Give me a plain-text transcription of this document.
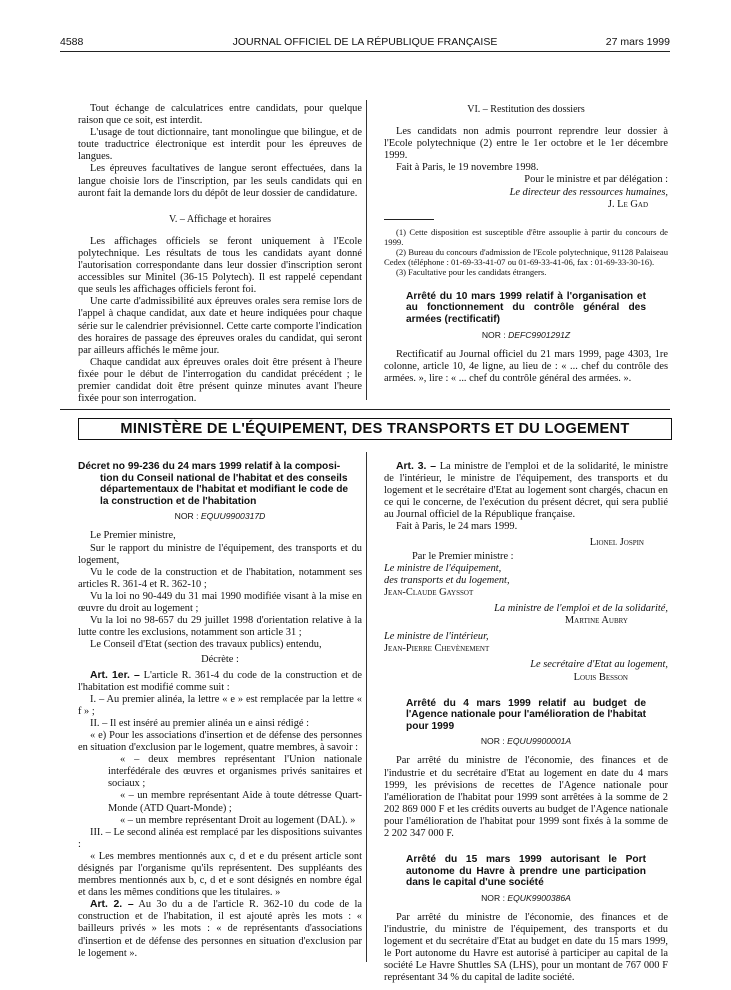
4588	JOURNAL OFFICIEL DE LA RÉPUBLIQUE FRANÇAISE	27 mars 1999

Tout échange de calculatrices entre candidats, pour quelque raison que ce soit, est interdit.

L'usage de tout dictionnaire, tant monolingue que bilingue, et de toute traductrice électronique est interdit pour les épreuves de langues.

Les épreuves facultatives de langue seront effectuées, dans la langue choisie lors de l'inscription, par les seuls candidats qui en auront fait la demande lors du dépôt de leur dossier de candidature.

V. – Affichage et horaires

Les affichages officiels se feront uniquement à l'Ecole polytechnique. Les résultats de tous les candidats ayant donné l'autorisation correspondante dans leur dossier d'inscription seront accessibles sur Minitel (36-15 Polytech). Il est rappelé cependant que seuls les affichages officiels feront foi.

Une carte d'admissibilité aux épreuves orales sera remise lors de l'appel à chaque candidat, aux date et heure indiquées pour chaque série sur le calendrier prévisionnel. Cette carte comporte l'indication des horaires de passage des épreuves orales du candidat, qui seront par ailleurs affichés le même jour.

Chaque candidat aux épreuves orales doit être présent à l'heure fixée pour le début de l'interrogation du candidat précédent ; le premier candidat doit être présent quinze minutes avant l'heure fixée pour son interrogation.

VI. – Restitution des dossiers

Les candidats non admis pourront reprendre leur dossier à l'Ecole polytechnique (2) entre le 1er octobre et le 1er décembre 1999.

Fait à Paris, le 19 novembre 1998.

Pour le ministre et par délégation :
Le directeur des ressources humaines,
J. Le Gad

(1) Cette disposition est susceptible d'être assouplie à partir du concours de 1999.

(2) Bureau du concours d'admission de l'Ecole polytechnique, 91128 Palaiseau Cedex (téléphone : 01-69-33-41-07 ou 01-69-33-41-06, fax : 01-69-33-30-16).

(3) Facultative pour les candidats étrangers.

Arrêté du 10 mars 1999 relatif à l'organisation et au fonctionnement du contrôle général des armées (rectificatif)
NOR : DEFC9901291Z

Rectificatif au Journal officiel du 21 mars 1999, page 4303, 1re colonne, article 10, 4e ligne, au lieu de : « ... chef du contrôle des armées. », lire : « ... chef du contrôle général des armées. ».

MINISTÈRE DE L'ÉQUIPEMENT, DES TRANSPORTS ET DU LOGEMENT
Décret no 99-236 du 24 mars 1999 relatif à la composi-
tion du Conseil national de l'habitat et des conseils
départementaux de l'habitat et modifiant le code de
la construction et de l'habitation
NOR : EQUU9900317D

Le Premier ministre,

Sur le rapport du ministre de l'équipement, des transports et du logement,

Vu le code de la construction et de l'habitation, notamment ses articles R. 361-4 et R. 362-10 ;

Vu la loi no 90-449 du 31 mai 1990 modifiée visant à la mise en œuvre du droit au logement ;

Vu la loi no 98-657 du 29 juillet 1998 d'orientation relative à la lutte contre les exclusions, notamment son article 31 ;

Le Conseil d'Etat (section des travaux publics) entendu,

Décrète :

Art. 1er. – L'article R. 361-4 du code de la construction et de l'habitation est modifié comme suit :

I. – Au premier alinéa, la lettre « e » est remplacée par la lettre « f » ;

II. – Il est inséré au premier alinéa un e ainsi rédigé :

« e) Pour les associations d'insertion et de défense des personnes en situation d'exclusion par le logement, quatre membres, à savoir :

« – deux membres représentant l'Union nationale interfédérale des œuvres et organismes privés sanitaires et sociaux ;

« – un membre représentant Aide à toute détresse Quart-Monde (ATD Quart-Monde) ;

« – un membre représentant Droit au logement (DAL). »

III. – Le second alinéa est remplacé par les dispositions suivantes :

« Les membres mentionnés aux c, d et e du présent article sont désignés par l'organisme qu'ils représentent. Des suppléants des membres mentionnés aux b, c, d et e sont désignés en nombre égal et dans les mêmes conditions que les titulaires. »

Art. 2. – Au 3o du a de l'article R. 362-10 du code de la construction et de l'habitation, il est ajouté après les mots : « bailleurs privés » les mots : « de représentants d'associations d'insertion et de défense des personnes en situation d'exclusion par le logement ».

Art. 3. – La ministre de l'emploi et de la solidarité, le ministre de l'intérieur, le ministre de l'équipement, des transports et du logement et le secrétaire d'Etat au logement sont chargés, chacun en ce qui le concerne, de l'exécution du présent décret, qui sera publié au Journal officiel de la République française.

Fait à Paris, le 24 mars 1999.

Lionel Jospin
Par le Premier ministre :
Le ministre de l'équipement,
des transports et du logement,
Jean-Claude Gayssot
La ministre de l'emploi et de la solidarité,
Martine Aubry
Le ministre de l'intérieur,
Jean-Pierre Chevènement
Le secrétaire d'Etat au logement,
Louis Besson
Arrêté du 4 mars 1999 relatif au budget de l'Agence nationale pour l'amélioration de l'habitat pour 1999
NOR : EQUU9900001A

Par arrêté du ministre de l'économie, des finances et de l'industrie et du secrétaire d'Etat au logement en date du 4 mars 1999, les prévisions de recettes de l'Agence nationale pour l'amélioration de l'habitat pour 1999 sont arrêtées à la somme de 2 202 869 000 F et les crédits ouverts au budget de l'Agence nationale pour l'amélioration de l'habitat pour 1999 sont fixés à la somme de 2 202 347 000 F.

Arrêté du 15 mars 1999 autorisant le Port autonome du Havre à prendre une participation dans le capital d'une société
NOR : EQUK9900386A

Par arrêté du ministre de l'économie, des finances et de l'industrie, du ministre de l'équipement, des transports et du logement et du secrétaire d'Etat au budget en date du 15 mars 1999, le Port autonome du Havre est autorisé à participer au capital de la société Le Havre Shuttles SA (LHS), pour un montant de 767 000 F représentant 34 % du capital de ladite société.
